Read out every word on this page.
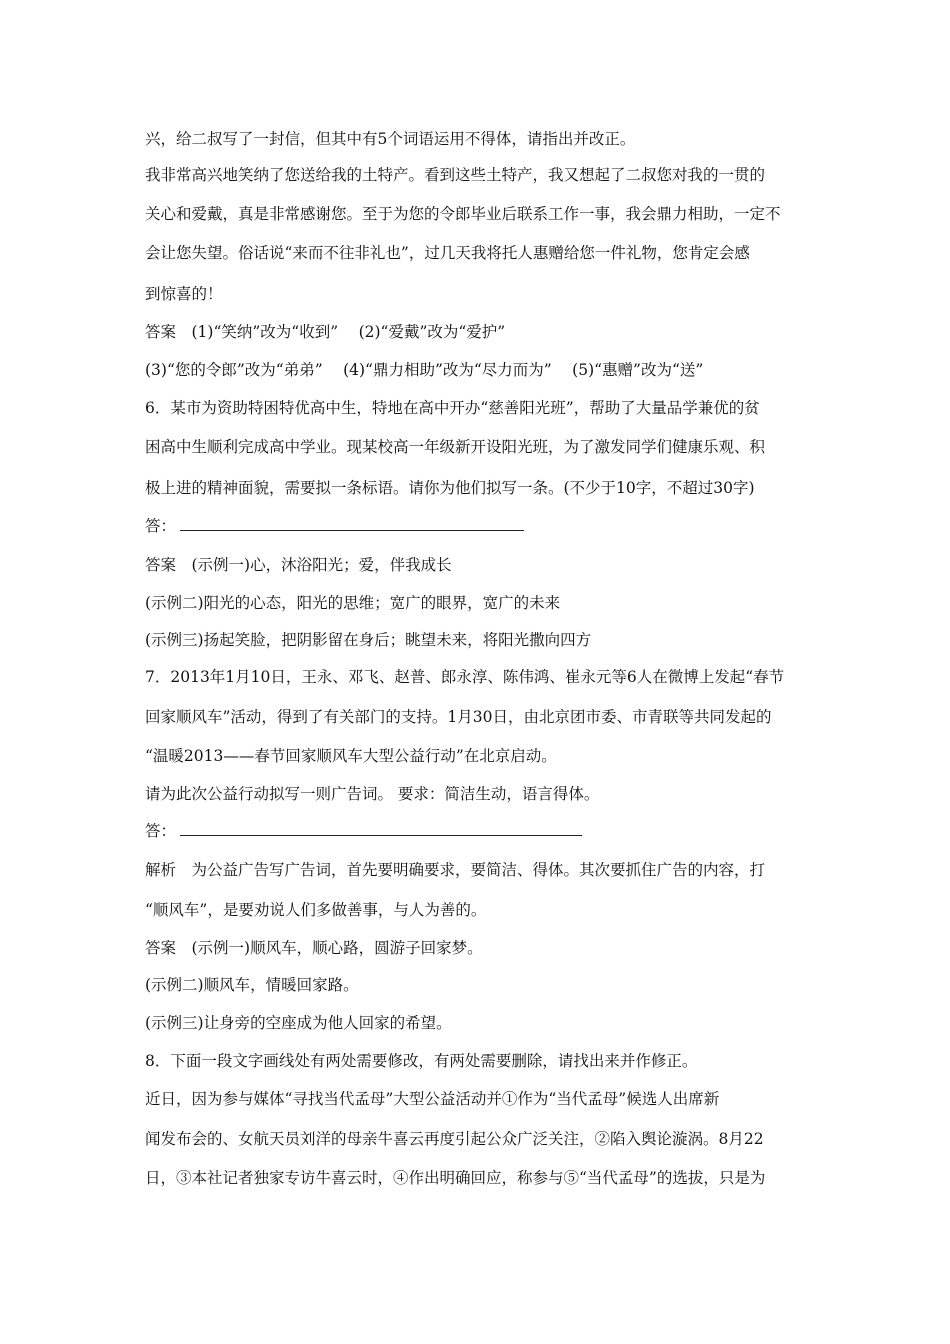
兴，给二叔写了一封信，但其中有5个词语运用不得体，请指出并改正。
我非常高兴地笑纳了您送给我的土特产。看到这些土特产，我又想起了二叔您对我的一贯的
关心和爱戴，真是非常感谢您。至于为您的令郎毕业后联系工作一事，我会鼎力相助，一定不
会让您失望。俗话说“来而不往非礼也”，过几天我将托人惠赠给您一件礼物，您肯定会感
到惊喜的！
答案　(1)“笑纳”改为“收到”　 (2)“爱戴”改为“爱护”
(3)“您的令郎”改为“弟弟”　 (4)“鼎力相助”改为“尽力而为”　 (5)“惠赠”改为“送”
6．某市为资助特困特优高中生，特地在高中开办“慈善阳光班”，帮助了大量品学兼优的贫
困高中生顺利完成高中学业。现某校高一年级新开设阳光班，为了激发同学们健康乐观、积
极上进的精神面貌，需要拟一条标语。请你为他们拟写一条。(不少于10字，不超过30字)
答：
答案　(示例一)心，沐浴阳光；爱，伴我成长
(示例二)阳光的心态，阳光的思维；宽广的眼界，宽广的未来
(示例三)扬起笑脸，把阴影留在身后；眺望未来，将阳光撒向四方
7．2013年1月10日，王永、邓飞、赵普、郎永淳、陈伟鸿、崔永元等6人在微博上发起“春节
回家顺风车”活动，得到了有关部门的支持。1月30日，由北京团市委、市青联等共同发起的
“温暖2013——春节回家顺风车大型公益行动”在北京启动。
请为此次公益行动拟写一则广告词。 要求：简洁生动，语言得体。
答：
解析　为公益广告写广告词，首先要明确要求，要简洁、得体。其次要抓住广告的内容，打
“顺风车”，是要劝说人们多做善事，与人为善的。
答案　(示例一)顺风车，顺心路，圆游子回家梦。
(示例二)顺风车，情暖回家路。
(示例三)让身旁的空座成为他人回家的希望。
8．下面一段文字画线处有两处需要修改，有两处需要删除，请找出来并作修正。
近日，因为参与媒体“寻找当代孟母”大型公益活动并①作为“当代孟母”候选人出席新
闻发布会的、女航天员刘洋的母亲牛喜云再度引起公众广泛关注，②陷入舆论漩涡。8月22
日，③本社记者独家专访牛喜云时，④作出明确回应，称参与⑤“当代孟母”的选拔，只是为
